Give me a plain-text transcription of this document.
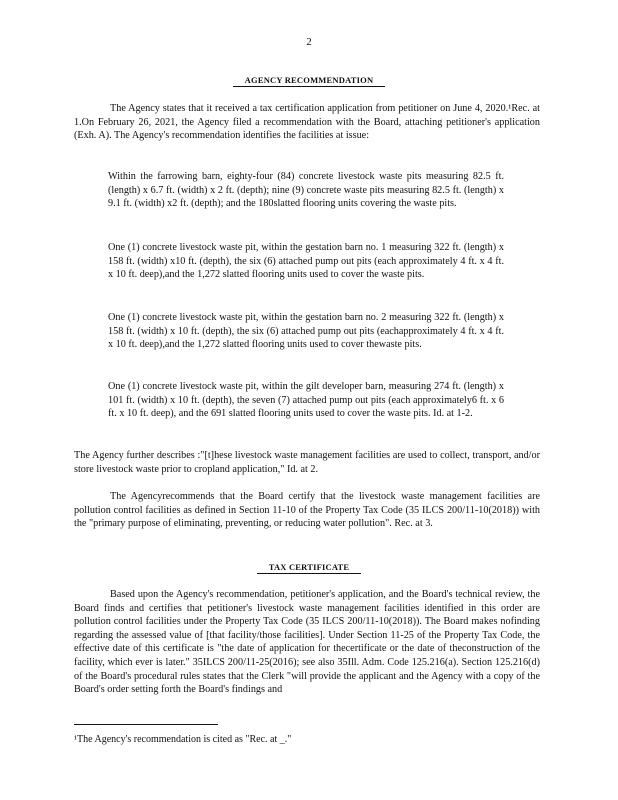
2
AGENCY RECOMMENDATION

The Agency states that it received a tax certification application from petitioner on June 4, 2020.¹Rec. at 1.On February 26, 2021, the Agency filed a recommendation with the Board, attaching petitioner's application (Exh. A). The Agency's recommendation identifies the facilities at issue:

Within the farrowing barn, eighty-four (84) concrete livestock waste pits measuring 82.5 ft. (length) x 6.7 ft. (width) x 2 ft. (depth); nine (9) concrete waste pits measuring 82.5 ft. (length) x 9.1 ft. (width) x2 ft. (depth); and the 180slatted flooring units covering the waste pits.

One (1) concrete livestock waste pit, within the gestation barn no. 1 measuring 322 ft. (length) x 158 ft. (width) x10 ft. (depth), the six (6) attached pump out pits (each approximately 4 ft. x 4 ft. x 10 ft. deep),and the 1,272 slatted flooring units used to cover the waste pits.

One (1) concrete livestock waste pit, within the gestation barn no. 2 measuring 322 ft. (length) x 158 ft. (width) x 10 ft. (depth), the six (6) attached pump out pits (eachapproximately 4 ft. x 4 ft. x 10 ft. deep),and the 1,272 slatted flooring units used to cover thewaste pits.

One (1) concrete livestock waste pit, within the gilt developer barn, measuring 274 ft. (length) x 101 ft. (width) x 10 ft. (depth), the seven (7) attached pump out pits (each approximately6 ft. x 6 ft. x 10 ft. deep), and the 691 slatted flooring units used to cover the waste pits. Id. at 1-2.

The Agency further describes :"[t]hese livestock waste management facilities are used to collect, transport, and/or store livestock waste prior to cropland application," Id. at 2.

The Agencyrecommends that the Board certify that the livestock waste management facilities are pollution control facilities as defined in Section 11-10 of the Property Tax Code (35 ILCS 200/11-10(2018)) with the "primary purpose of eliminating, preventing, or reducing water pollution". Rec. at 3.

TAX CERTIFICATE

Based upon the Agency's recommendation, petitioner's application, and the Board's technical review, the Board finds and certifies that petitioner's livestock waste management facilities identified in this order are pollution control facilities under the Property Tax Code (35 ILCS 200/11-10(2018)). The Board makes nofinding regarding the assessed value of [that facility/those facilities]. Under Section 11-25 of the Property Tax Code, the effective date of this certificate is "the date of application for thecertificate or the date of theconstruction of the facility, which ever is later." 35ILCS 200/11-25(2016); see also 35Ill. Adm. Code 125.216(a). Section 125.216(d) of the Board's procedural rules states that the Clerk "will provide the applicant and the Agency with a copy of the Board's order setting forth the Board's findings and

¹The Agency's recommendation is cited as "Rec. at _."
